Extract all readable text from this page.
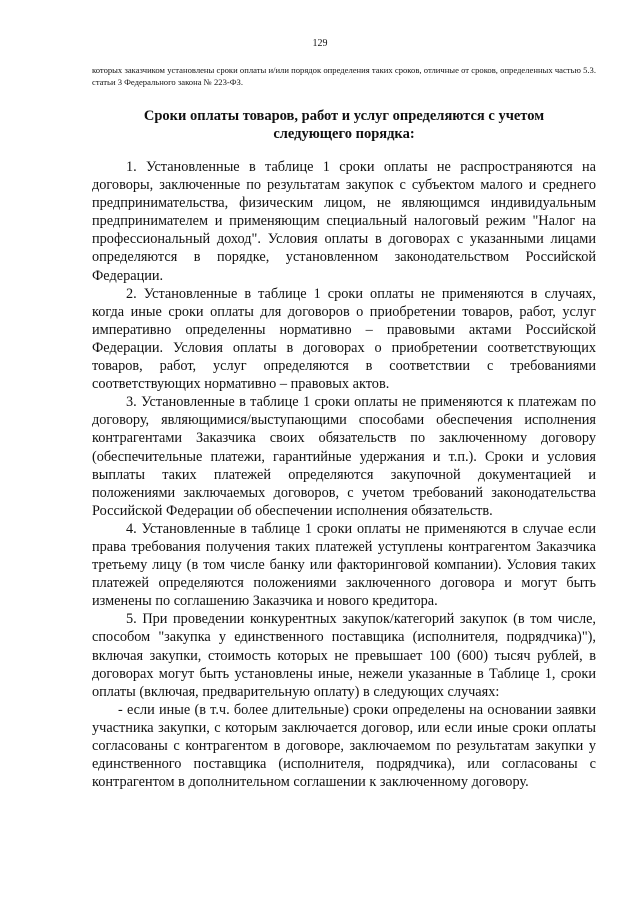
129
которых заказчиком установлены сроки оплаты и/или порядок определения таких сроков, отличные от сроков, определенных частью 5.3. статьи 3 Федерального закона № 223-ФЗ.
Сроки оплаты товаров, работ и услуг определяются с учетом следующего порядка:

1. Установленные в таблице 1 сроки оплаты не распространяются на договоры, заключенные по результатам закупок с субъектом малого и среднего предпринимательства, физическим лицом, не являющимся индивидуальным предпринимателем и применяющим специальный налоговый режим "Налог на профессиональный доход". Условия оплаты в договорах с указанными лицами определяются в порядке, установленном законодательством Российской Федерации.

2. Установленные в таблице 1 сроки оплаты не применяются в случаях, когда иные сроки оплаты для договоров о приобретении товаров, работ, услуг императивно определенны нормативно – правовыми актами Российской Федерации. Условия оплаты в договорах о приобретении соответствующих товаров, работ, услуг определяются в соответствии с требованиями соответствующих нормативно – правовых актов.

3. Установленные в таблице 1 сроки оплаты не применяются к платежам по договору, являющимися/выступающими способами обеспечения исполнения контрагентами Заказчика своих обязательств по заключенному договору (обеспечительные платежи, гарантийные удержания и т.п.). Сроки и условия выплаты таких платежей определяются закупочной документацией и положениями заключаемых договоров, с учетом требований законодательства Российской Федерации об обеспечении исполнения обязательств.

4. Установленные в таблице 1 сроки оплаты не применяются в случае если права требования получения таких платежей уступлены контрагентом Заказчика третьему лицу (в том числе банку или факторинговой компании). Условия таких платежей определяются положениями заключенного договора и могут быть изменены по соглашению Заказчика и нового кредитора.

5. При проведении конкурентных закупок/категорий закупок (в том числе, способом "закупка у единственного поставщика (исполнителя, подрядчика)"), включая закупки, стоимость которых не превышает 100 (600) тысяч рублей, в договорах могут быть установлены иные, нежели указанные в Таблице 1, сроки оплаты (включая, предварительную оплату) в следующих случаях:

- если иные (в т.ч. более длительные) сроки определены на основании заявки участника закупки, с которым заключается договор, или если иные сроки оплаты согласованы с контрагентом в договоре, заключаемом по результатам закупки у единственного поставщика (исполнителя, подрядчика), или согласованы с контрагентом в дополнительном соглашении к заключенному договору.
